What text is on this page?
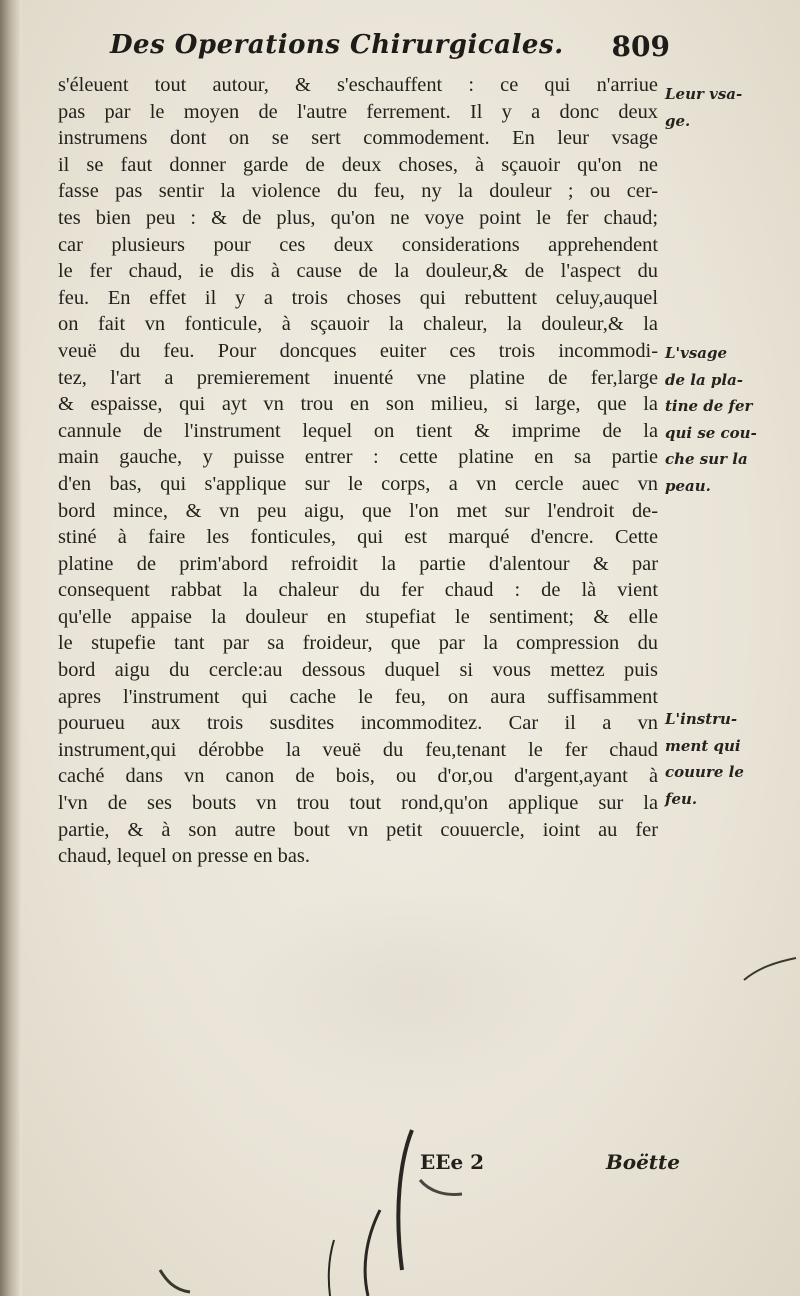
Des Operations Chirurgicales. 809

s'éleuent tout autour, & s'eschauffent : ce qui n'arriue
pas par le moyen de l'autre ferrement. Il y a donc deux
instrumens dont on se sert commodement. En leur vsage
il se faut donner garde de deux choses, à sçauoir qu'on ne
fasse pas sentir la violence du feu, ny la douleur ; ou cer-
tes bien peu : & de plus, qu'on ne voye point le fer chaud;
car plusieurs pour ces deux considerations apprehendent
le fer chaud, ie dis à cause de la douleur,& de l'aspect du
feu. En effet il y a trois choses qui rebuttent celuy,auquel
on fait vn fonticule, à sçauoir la chaleur, la douleur,& la
veuë du feu. Pour doncques euiter ces trois incommodi-
tez, l'art a premierement inuenté vne platine de fer,large
& espaisse, qui ayt vn trou en son milieu, si large, que la
cannule de l'instrument lequel on tient & imprime de la
main gauche, y puisse entrer : cette platine en sa partie
d'en bas, qui s'applique sur le corps, a vn cercle auec vn
bord mince, & vn peu aigu, que l'on met sur l'endroit de-
stiné à faire les fonticules, qui est marqué d'encre. Cette
platine de prim'abord refroidit la partie d'alentour & par
consequent rabbat la chaleur du fer chaud : de là vient
qu'elle appaise la douleur en stupefiat le sentiment; & elle
le stupefie tant par sa froideur, que par la compression du
bord aigu du cercle:au dessous duquel si vous mettez puis
apres l'instrument qui cache le feu, on aura suffisamment
pourueu aux trois susdites incommoditez. Car il a vn
instrument,qui dérobbe la veuë du feu,tenant le fer chaud
caché dans vn canon de bois, ou d'or,ou d'argent,ayant à
l'vn de ses bouts vn trou tout rond,qu'on applique sur la
partie, & à son autre bout vn petit couuercle, ioint au fer
chaud, lequel on presse en bas.

Leur vsa-
ge.
L'vsage
de la pla-
tine de fer
qui se cou-
che sur la
peau.
L'instru-
ment qui
couure le
feu.
EEe 2	Boëtte
